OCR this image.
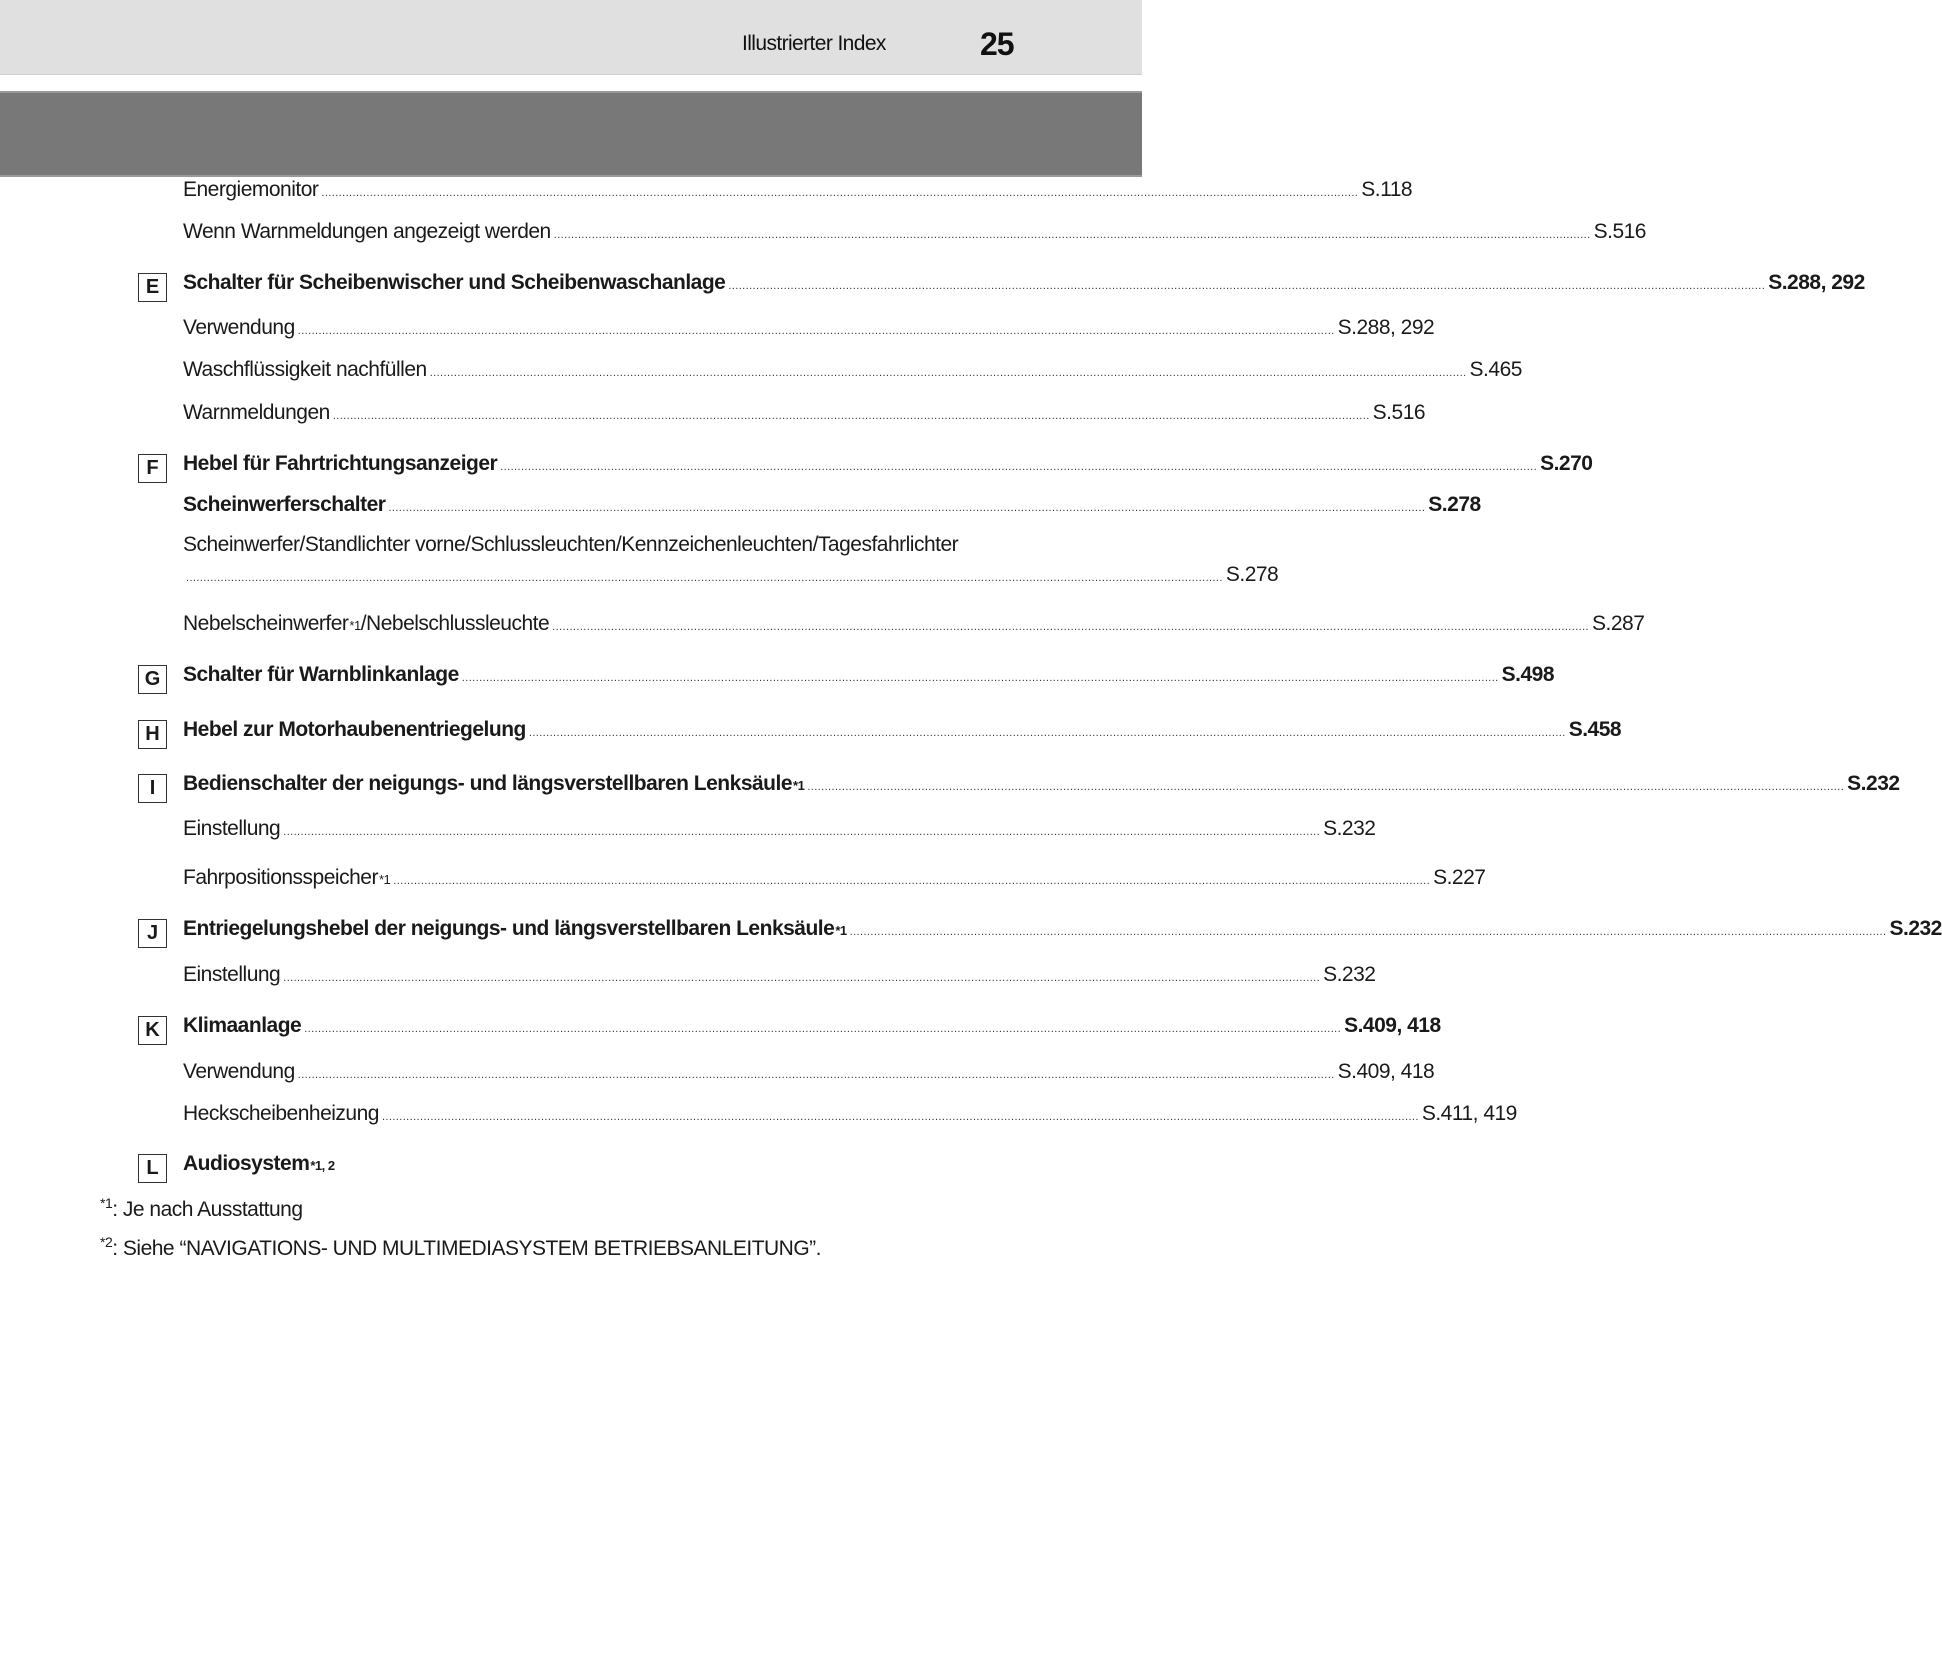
Illustrierter Index	25
Energiemonitor ............................................................................................................................................................................................................................................................................................................ S.118
Wenn Warnmeldungen angezeigt werden ............................................................................................................................................................................................................................................................................................................ S.516
E	Schalter für Scheibenwischer und Scheibenwaschanlage ............................................................................................................................................................................................................................................................................................................ S.288, 292
Verwendung ............................................................................................................................................................................................................................................................................................................ S.288, 292
Waschflüssigkeit nachfüllen ............................................................................................................................................................................................................................................................................................................ S.465
Warnmeldungen ............................................................................................................................................................................................................................................................................................................ S.516
F	Hebel für Fahrtrichtungsanzeiger ............................................................................................................................................................................................................................................................................................................ S.270
Scheinwerferschalter ............................................................................................................................................................................................................................................................................................................ S.278
Scheinwerfer/Standlichter vorne/Schlussleuchten/Kennzeichenleuchten/Tagesfahrlichter
............................................................................................................................................................................................................................................................................................................ S.278
Nebelscheinwerfer *1 /Nebelschlussleuchte ............................................................................................................................................................................................................................................................................................................ S.287
G	Schalter für Warnblinkanlage ............................................................................................................................................................................................................................................................................................................ S.498
H	Hebel zur Motorhaubenentriegelung ............................................................................................................................................................................................................................................................................................................ S.458
I	Bedienschalter der neigungs- und längsverstellbaren Lenksäule *1 ............................................................................................................................................................................................................................................................................................................ S.232
Einstellung ............................................................................................................................................................................................................................................................................................................ S.232
Fahrpositionsspeicher *1 ............................................................................................................................................................................................................................................................................................................ S.227
J	Entriegelungshebel der neigungs- und längsverstellbaren Lenksäule *1 ............................................................................................................................................................................................................................................................................................................ S.232
Einstellung ............................................................................................................................................................................................................................................................................................................ S.232
K	Klimaanlage ............................................................................................................................................................................................................................................................................................................ S.409, 418
Verwendung ............................................................................................................................................................................................................................................................................................................ S.409, 418
Heckscheibenheizung ............................................................................................................................................................................................................................................................................................................ S.411, 419
L	Audiosystem *1, 2
$^{*1}$: Je nach Ausstattung
$^{*2}$: Siehe “NAVIGATIONS- UND MULTIMEDIASYSTEM BETRIEBSANLEITUNG”.
